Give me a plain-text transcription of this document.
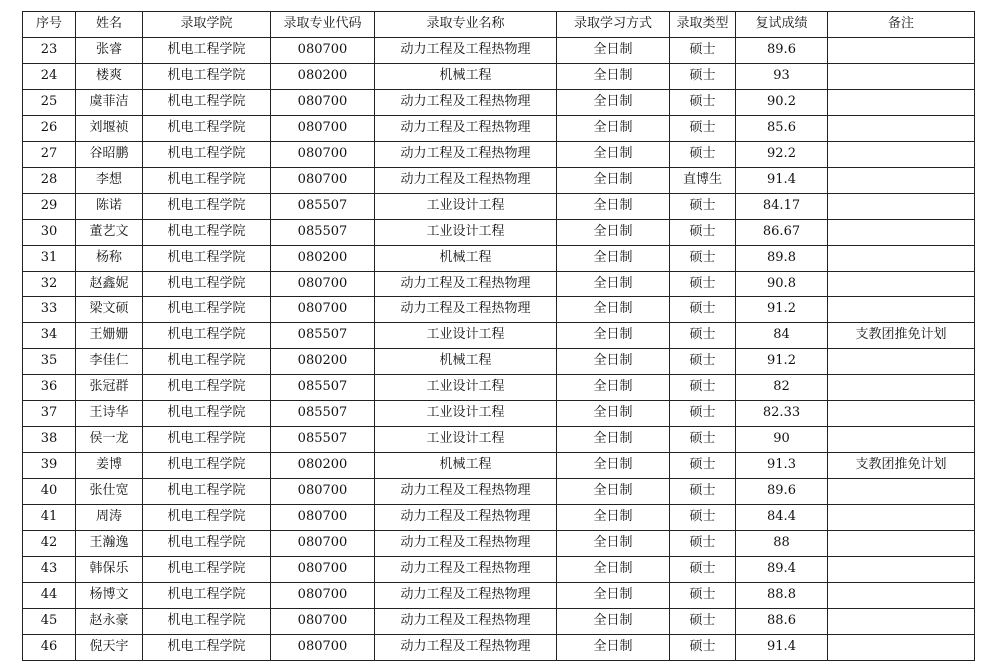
序号	姓名	录取学院	录取专业代码	录取专业名称	录取学习方式	录取类型	复试成绩	备注
23	张睿	机电工程学院	080700	动力工程及工程热物理	全日制	硕士	89.6	
24	楼爽	机电工程学院	080200	机械工程	全日制	硕士	93	
25	虞菲洁	机电工程学院	080700	动力工程及工程热物理	全日制	硕士	90.2	
26	刘堰祯	机电工程学院	080700	动力工程及工程热物理	全日制	硕士	85.6	
27	谷昭鹏	机电工程学院	080700	动力工程及工程热物理	全日制	硕士	92.2	
28	李想	机电工程学院	080700	动力工程及工程热物理	全日制	直博生	91.4	
29	陈诺	机电工程学院	085507	工业设计工程	全日制	硕士	84.17	
30	董艺文	机电工程学院	085507	工业设计工程	全日制	硕士	86.67	
31	杨称	机电工程学院	080200	机械工程	全日制	硕士	89.8	
32	赵鑫妮	机电工程学院	080700	动力工程及工程热物理	全日制	硕士	90.8	
33	梁文硕	机电工程学院	080700	动力工程及工程热物理	全日制	硕士	91.2	
34	王姗姗	机电工程学院	085507	工业设计工程	全日制	硕士	84	支教团推免计划
35	李佳仁	机电工程学院	080200	机械工程	全日制	硕士	91.2	
36	张冠群	机电工程学院	085507	工业设计工程	全日制	硕士	82	
37	王诗华	机电工程学院	085507	工业设计工程	全日制	硕士	82.33	
38	侯一龙	机电工程学院	085507	工业设计工程	全日制	硕士	90	
39	姜博	机电工程学院	080200	机械工程	全日制	硕士	91.3	支教团推免计划
40	张仕宽	机电工程学院	080700	动力工程及工程热物理	全日制	硕士	89.6	
41	周涛	机电工程学院	080700	动力工程及工程热物理	全日制	硕士	84.4	
42	王瀚逸	机电工程学院	080700	动力工程及工程热物理	全日制	硕士	88	
43	韩保乐	机电工程学院	080700	动力工程及工程热物理	全日制	硕士	89.4	
44	杨博文	机电工程学院	080700	动力工程及工程热物理	全日制	硕士	88.8	
45	赵永豪	机电工程学院	080700	动力工程及工程热物理	全日制	硕士	88.6	
46	倪天宇	机电工程学院	080700	动力工程及工程热物理	全日制	硕士	91.4	
